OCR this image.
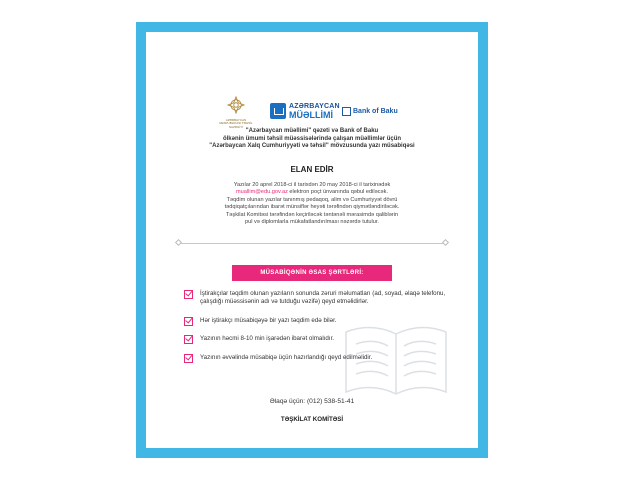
AZƏRBAYCAN RESPUBLİKASI TƏHSİL NAZİRLİYİ
AZƏRBAYCAN
MÜƏLLİMİ	Bank of Baku
"Azərbaycan müəllimi" qəzeti və Bank of Baku
ölkənin ümumi təhsil müəssisələrində çalışan müəllimlər üçün
"Azərbaycan Xalq Cumhuriyyəti və təhsil" mövzusunda yazı müsabiqəsi
ELAN EDİR
Yazılar 20 aprel 2018-ci il tarixdən 20 may 2018-ci il tarixinədək
muallim@edu.gov.az elektron poçt ünvanında qəbul ediləcək.
Təqdim olunan yazılar tanınmış pedaqoq, alim və Cumhuriyyət dövrü
tədqiqatçılarından ibarət münsiflər heyəti tərəfindən qiymətləndiriləcək.
Təşkilat Komitəsi tərəfindən keçiriləcək təntənəli mərasimdə qaliblərin
pul və diplomlarla mükafatlandırılması nəzərdə tutulur.
MÜSABİQƏNİN ƏSAS ŞƏRTLƏRİ:
İştirakçılar təqdim olunan yazıların sonunda zəruri məlumatları (ad, soyad, əlaqə telefonu, çalışdığı müəssisənin adı və tutduğu vəzifə) qeyd etməlidirlər.
Hər iştirakçı müsabiqəyə bir yazı təqdim edə bilər.
Yazının həcmi 8-10 min işarədən ibarət olmalıdır.
Yazının əvvəlində müsabiqə üçün hazırlandığı qeyd edilməlidir.
Əlaqə üçün: (012) 538-51-41
TƏŞKİLAT KOMİTƏSİ
